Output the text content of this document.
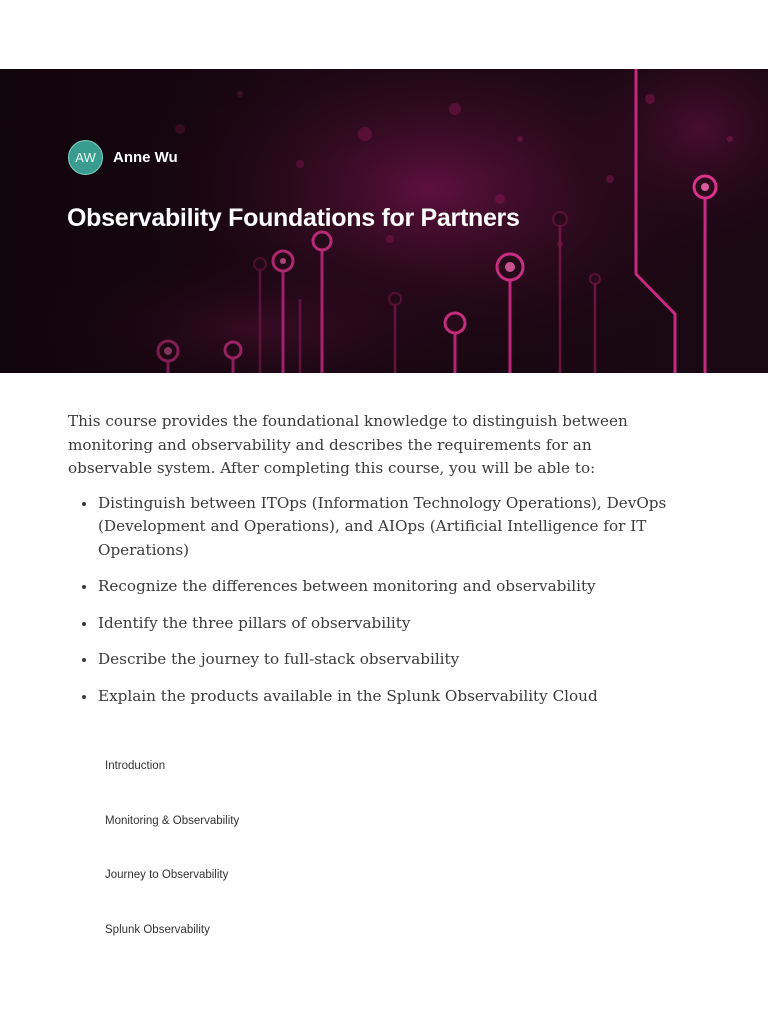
AW	Anne Wu
Observability Foundations for Partners

This course provides the foundational knowledge to distinguish between monitoring and observability and describes the requirements for an observable system. After completing this course, you will be able to:

Distinguish between ITOps (Information Technology Operations), DevOps (Development and Operations), and AIOps (Artificial Intelligence for IT Operations)
Recognize the differences between monitoring and observability
Identify the three pillars of observability
Describe the journey to full-stack observability
Explain the products available in the Splunk Observability Cloud
Introduction
Monitoring & Observability
Journey to Observability
Splunk Observability
